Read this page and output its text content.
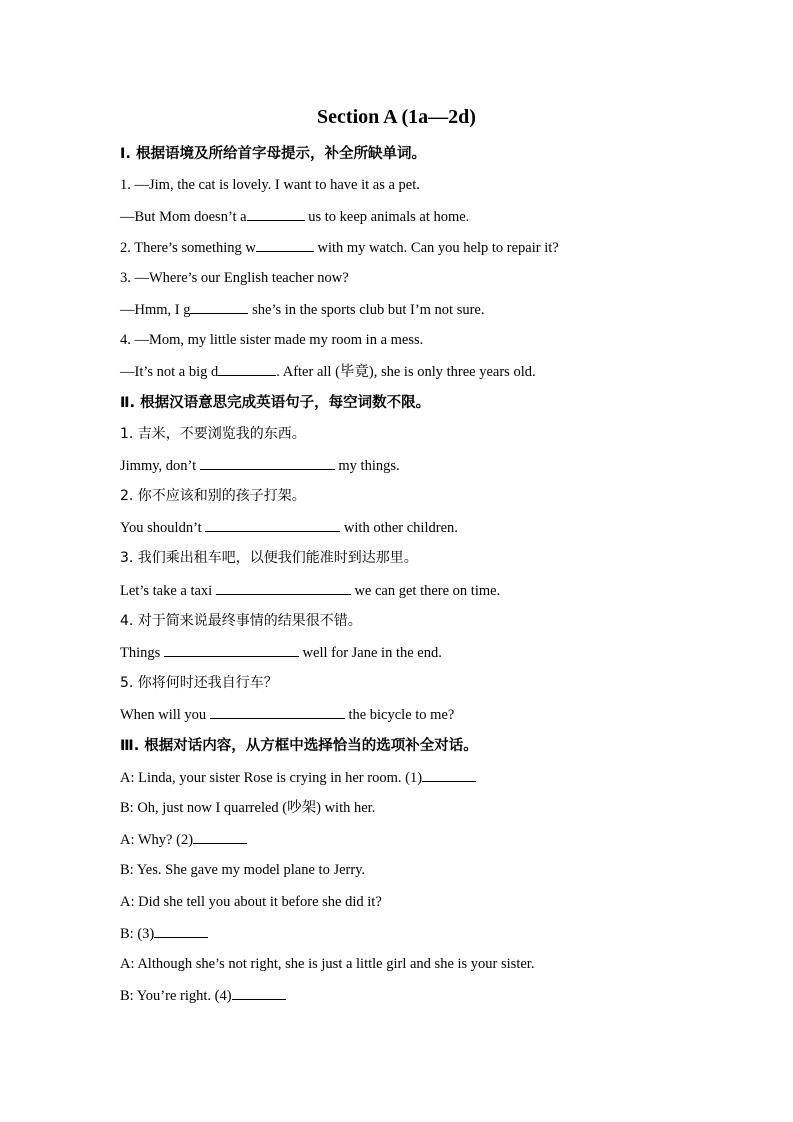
Section A (1a—2d)
Ⅰ. 根据语境及所给首字母提示，补全所缺单词。
1. —Jim, the cat is lovely. I want to have it as a pet.
—But Mom doesn’t a	us to keep animals at home.
2. There’s something w	with my watch. Can you help to repair it?
3. —Where’s our English teacher now?
—Hmm, I g	she’s in the sports club but I’m not sure.
4. —Mom, my little sister made my room in a mess.
—It’s not a big d	. After all (毕竟), she is only three years old.
Ⅱ. 根据汉语意思完成英语句子，每空词数不限。
1. 吉米，不要浏览我的东西。
Jimmy, don’t	my things.
2. 你不应该和别的孩子打架。
You shouldn’t	with other children.
3. 我们乘出租车吧，以便我们能准时到达那里。
Let’s take a taxi	we can get there on time.
4. 对于简来说最终事情的结果很不错。
Things	well for Jane in the end.
5. 你将何时还我自行车？
When will you	the bicycle to me?
Ⅲ. 根据对话内容，从方框中选择恰当的选项补全对话。
A: Linda, your sister Rose is crying in her room. (1)
B: Oh, just now I quarreled (吵架) with her.
A: Why? (2)
B: Yes. She gave my model plane to Jerry.
A: Did she tell you about it before she did it?
B: (3)
A: Although she’s not right, she is just a little girl and she is your sister.
B: You’re right. (4)
